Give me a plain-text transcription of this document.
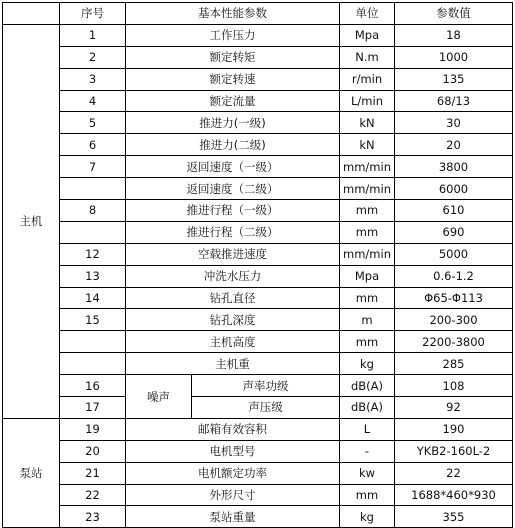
	序号	基本性能参数		单位	参数值
主机	1	工作压力		Mpa	18
	2	额定转矩		N.m	1000
	3	额定转速		r/min	135
	4	额定流量		L/min	68/13
	5	推进力(一级)		kN	30
	6	推进力(二级)		kN	20
	7	返回速度（一级）		mm/min	3800
		返回速度（二级）		mm/min	6000
	8	推进行程（一级）		mm	610
		推进行程（二级）		mm	690
	12	空载推进速度		mm/min	5000
	13	冲洗水压力		Mpa	0.6-1.2
	14	钻孔直径		mm	Φ65-Φ113
	15	钻孔深度		m	200-300
		主机高度		mm	2200-3800
		主机重		kg	285
	16	噪声	声率功级	dB(A)	108
	17		声压级	dB(A)	92
泵站	19	邮箱有效容积		L	190
	20	电机型号		-	YKB2-160L-2
	21	电机额定功率		kw	22
	22	外形尺寸		mm	1688*460*930
	23	泵站重量		kg	355
